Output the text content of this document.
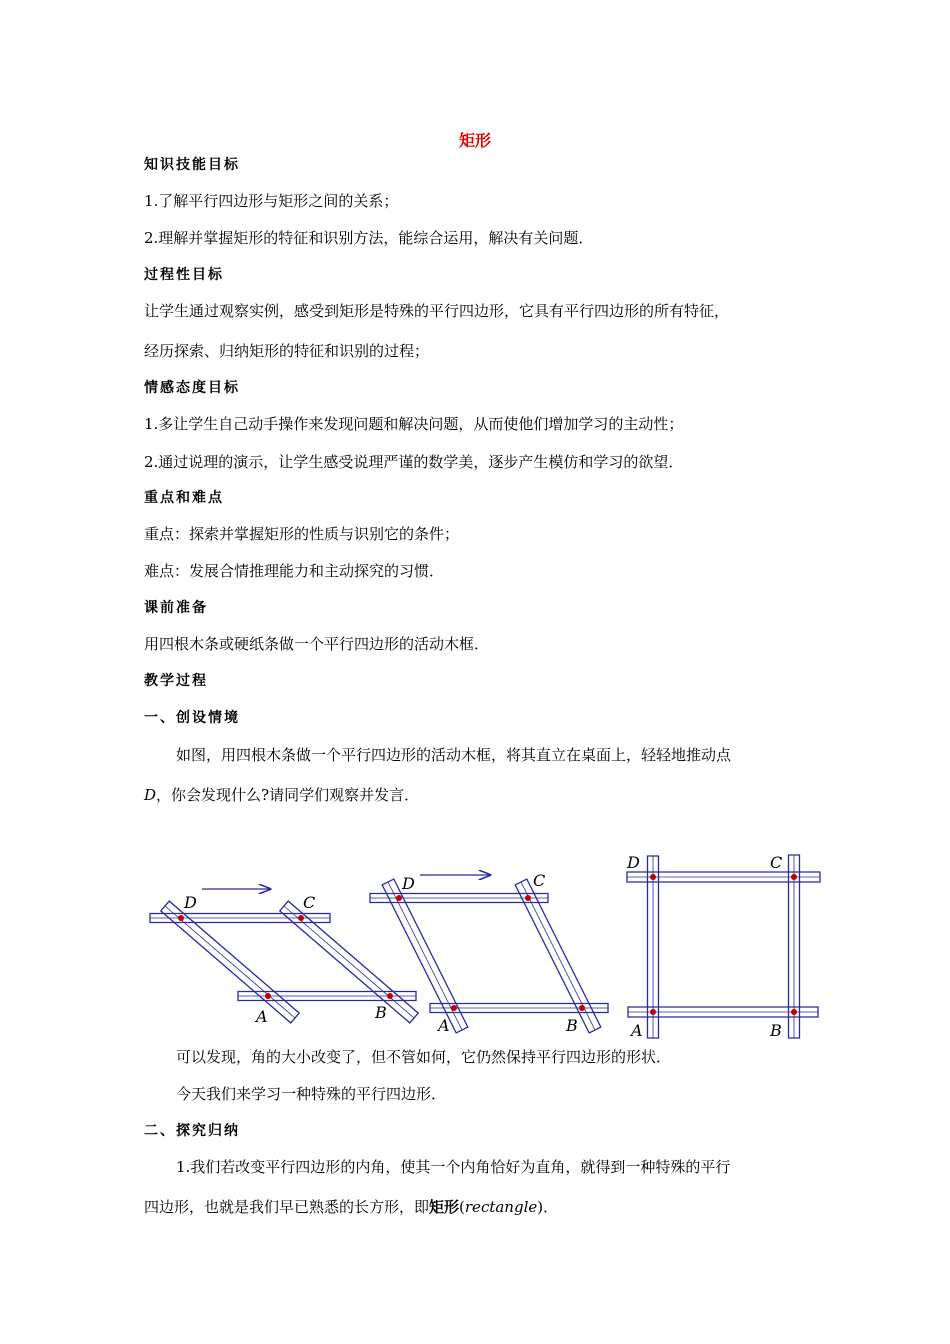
矩形
知识技能目标
1.了解平行四边形与矩形之间的关系；
2.理解并掌握矩形的特征和识别方法，能综合运用，解决有关问题．
过程性目标
让学生通过观察实例，感受到矩形是特殊的平行四边形，它具有平行四边形的所有特征，
经历探索、归纳矩形的特征和识别的过程；
情感态度目标
1.多让学生自己动手操作来发现问题和解决问题，从而使他们增加学习的主动性；
2.通过说理的演示，让学生感受说理严谨的数学美，逐步产生模仿和学习的欲望．
重点和难点
重点：探索并掌握矩形的性质与识别它的条件；
难点：发展合情推理能力和主动探究的习惯．
课前准备
用四根木条或硬纸条做一个平行四边形的活动木框．
教学过程
一、创设情境
如图，用四根木条做一个平行四边形的活动木框，将其直立在桌面上，轻轻地推动点
D，你会发现什么?请同学们观察并发言．
D	C
A	B
D	C
A	B
D	C
A	B
可以发现，角的大小改变了，但不管如何，它仍然保持平行四边形的形状．
今天我们来学习一种特殊的平行四边形．
二、探究归纳
1.我们若改变平行四边形的内角，使其一个内角恰好为直角，就得到一种特殊的平行
四边形，也就是我们早已熟悉的长方形，即矩形(rectangle)．
